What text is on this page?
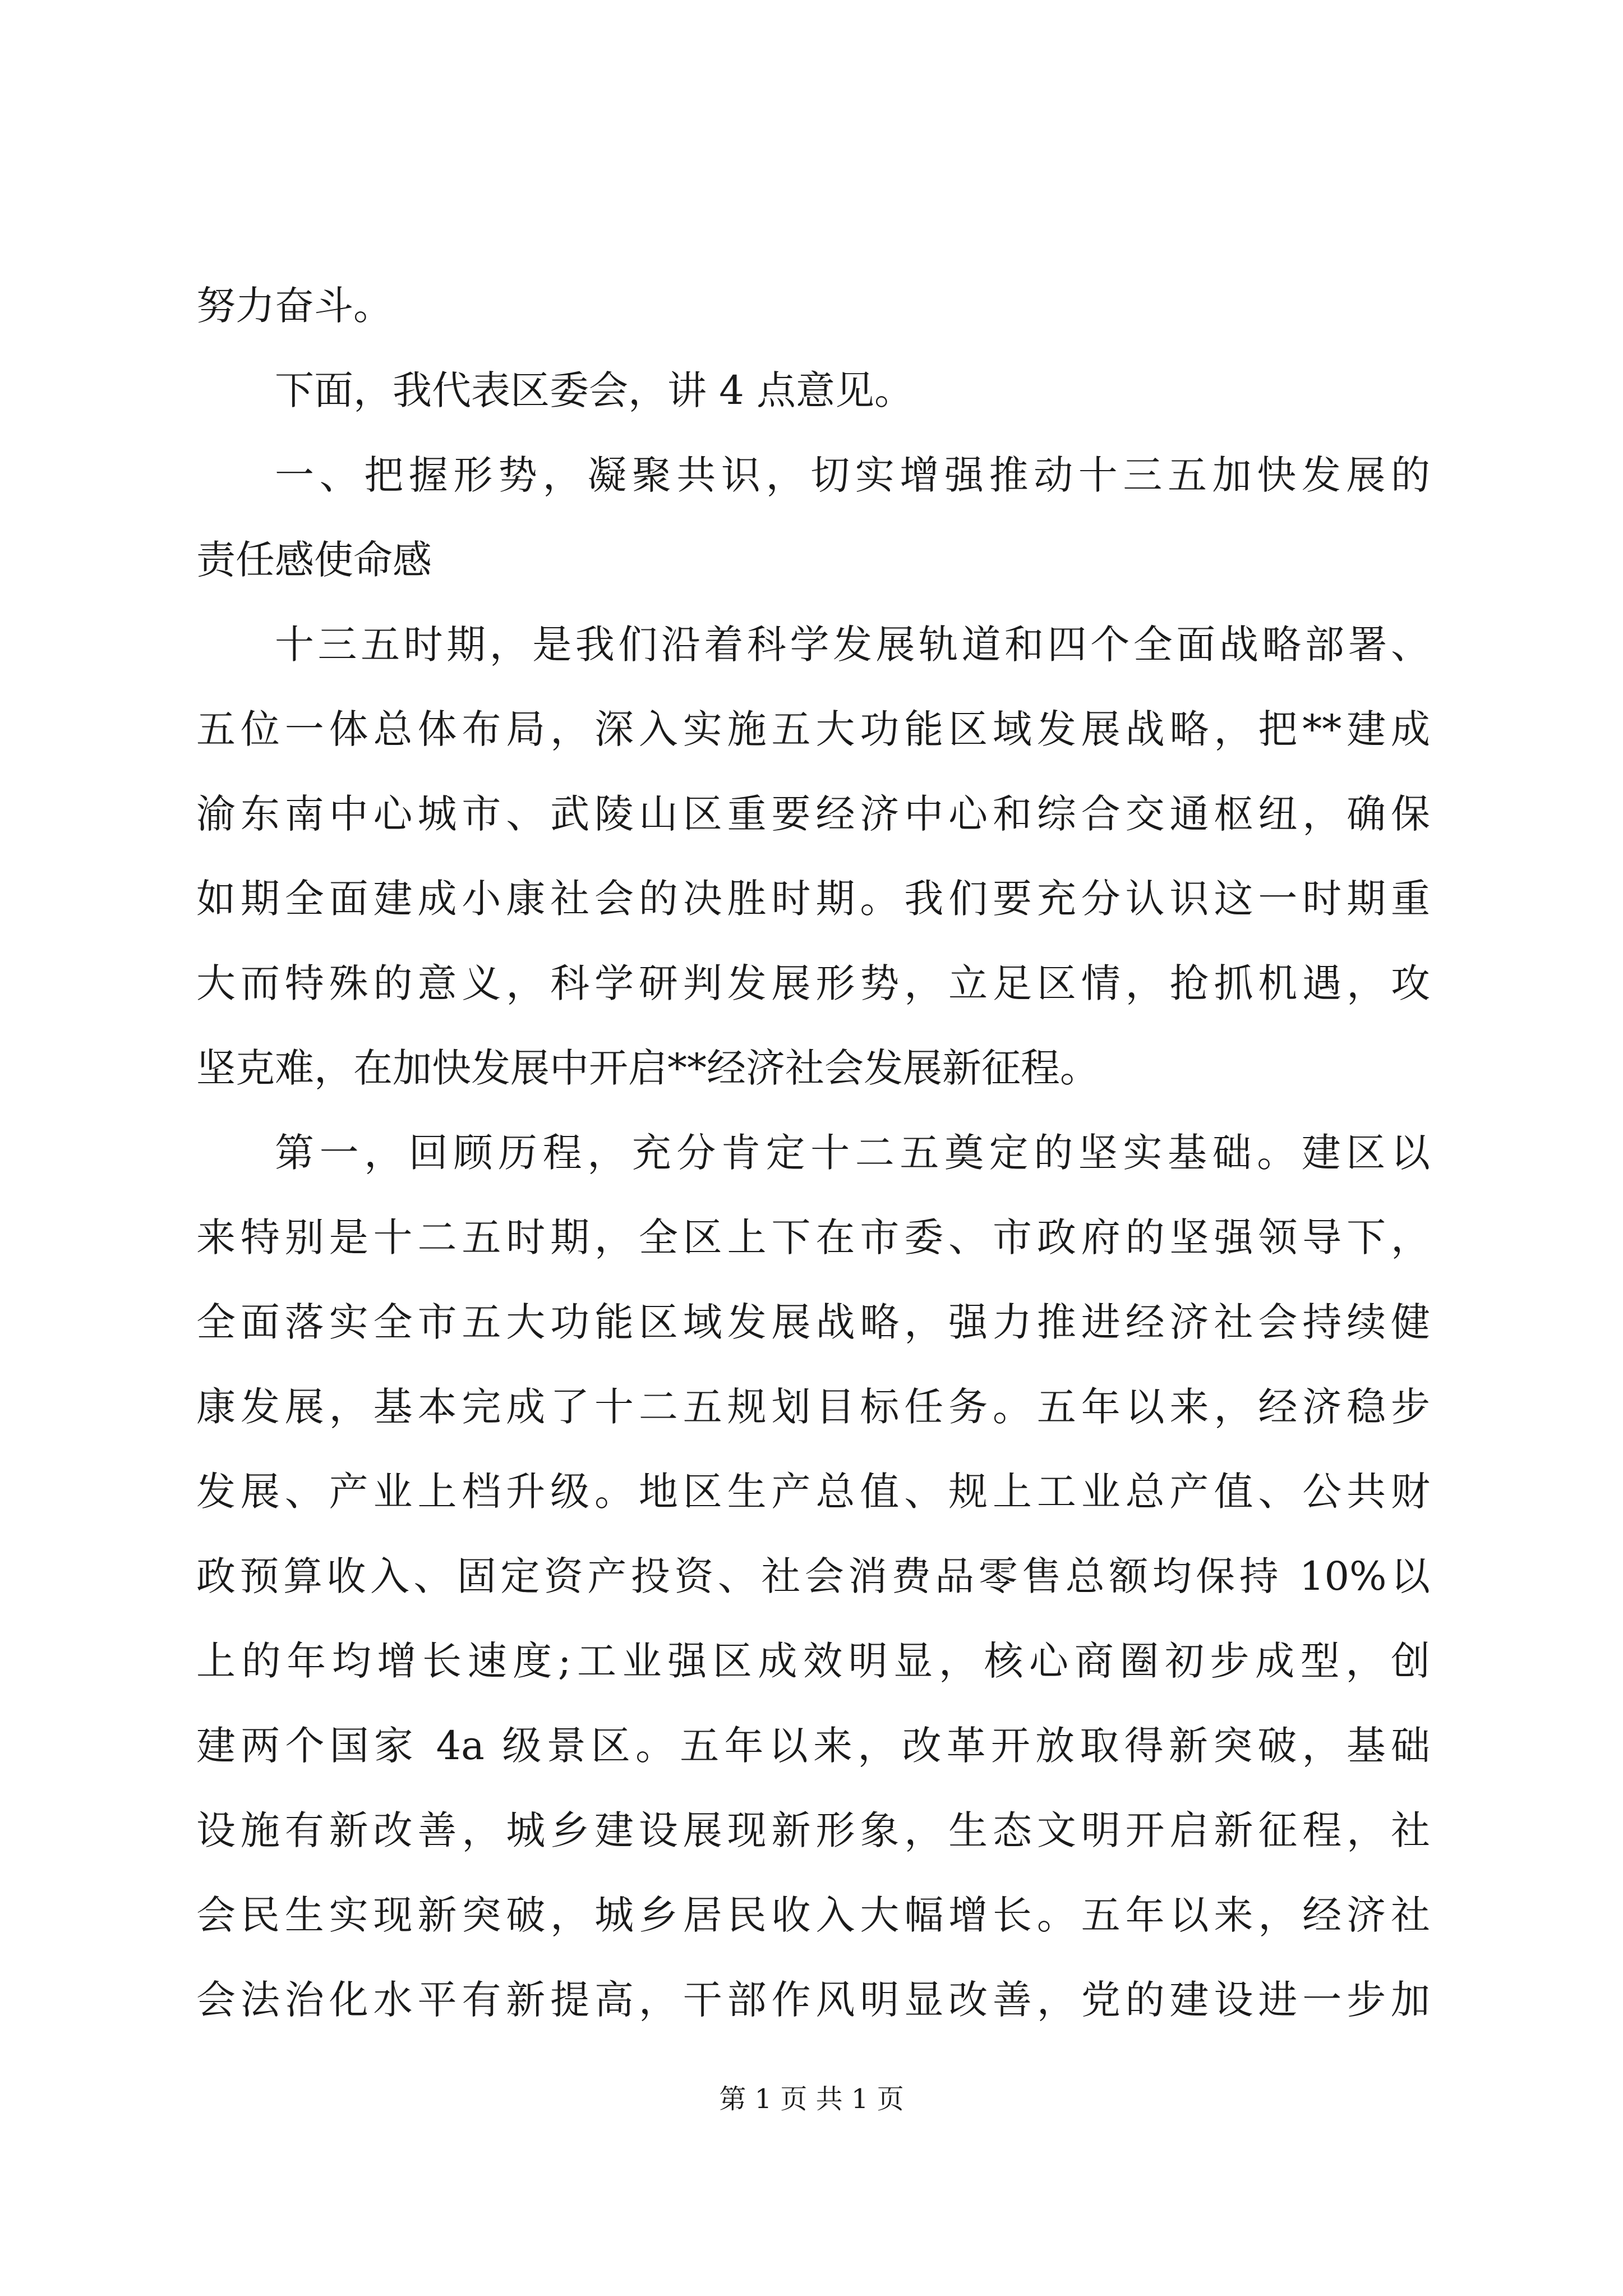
努力奋斗。
下面，我代表区委会，讲 4 点意见。
一、把握形势，凝聚共识，切实增强推动十三五加快发展的
责任感使命感
十三五时期，是我们沿着科学发展轨道和四个全面战略部署、
五位一体总体布局，深入实施五大功能区域发展战略，把**建成
渝东南中心城市、武陵山区重要经济中心和综合交通枢纽，确保
如期全面建成小康社会的决胜时期。我们要充分认识这一时期重
大而特殊的意义，科学研判发展形势，立足区情，抢抓机遇，攻
坚克难，在加快发展中开启**经济社会发展新征程。
第一，回顾历程，充分肯定十二五奠定的坚实基础。建区以
来特别是十二五时期，全区上下在市委、市政府的坚强领导下，
全面落实全市五大功能区域发展战略，强力推进经济社会持续健
康发展，基本完成了十二五规划目标任务。五年以来，经济稳步
发展、产业上档升级。地区生产总值、规上工业总产值、公共财
政预算收入、固定资产投资、社会消费品零售总额均保持 10%以
上的年均增长速度;工业强区成效明显，核心商圈初步成型，创
建两个国家 4a 级景区。五年以来，改革开放取得新突破，基础
设施有新改善，城乡建设展现新形象，生态文明开启新征程，社
会民生实现新突破，城乡居民收入大幅增长。五年以来，经济社
会法治化水平有新提高，干部作风明显改善，党的建设进一步加
第 1 页 共 1 页
